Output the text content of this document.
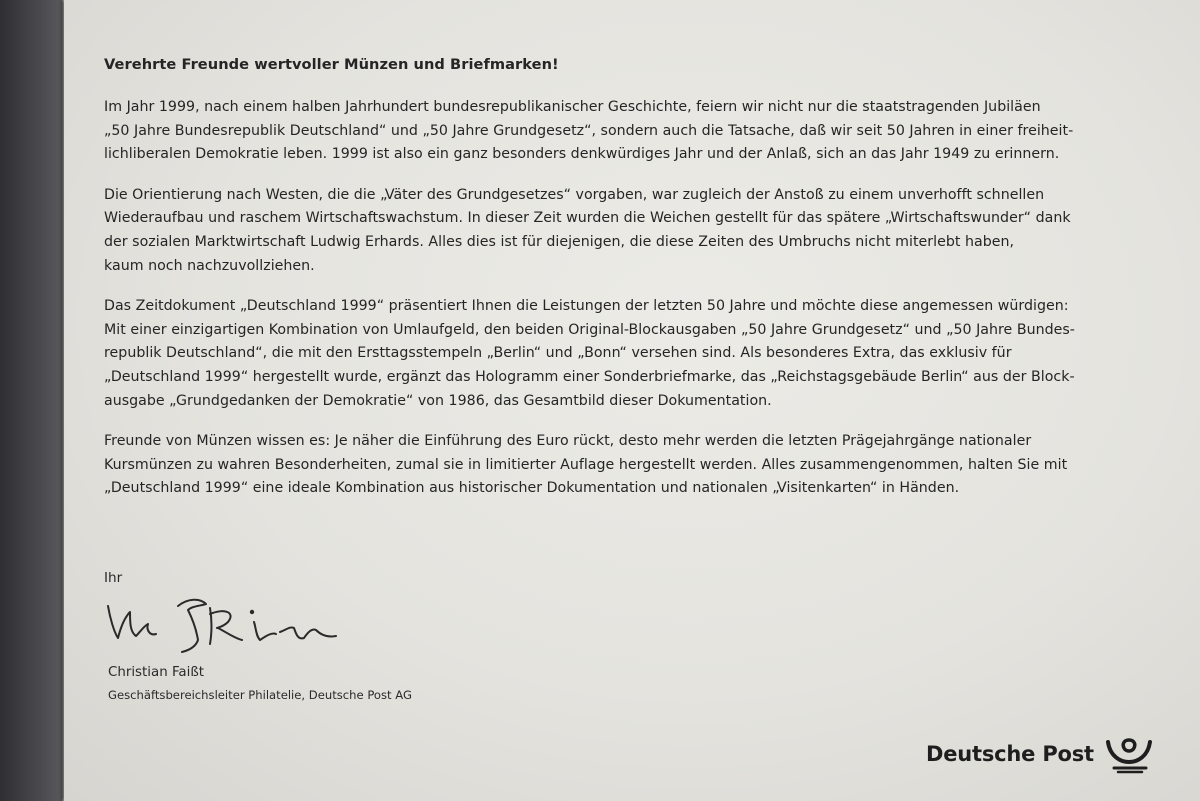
Verehrte Freunde wertvoller Münzen und Briefmarken!

Im Jahr 1999, nach einem halben Jahrhundert bundesrepublikanischer Geschichte, feiern wir nicht nur die staatstragenden Jubiläen

„50 Jahre Bundesrepublik Deutschland“ und „50 Jahre Grundgesetz“, sondern auch die Tatsache, daß wir seit 50 Jahren in einer freiheit-

lichliberalen Demokratie leben. 1999 ist also ein ganz besonders denkwürdiges Jahr und der Anlaß, sich an das Jahr 1949 zu erinnern.

Die Orientierung nach Westen, die die „Väter des Grundgesetzes“ vorgaben, war zugleich der Anstoß zu einem unverhofft schnellen

Wiederaufbau und raschem Wirtschaftswachstum. In dieser Zeit wurden die Weichen gestellt für das spätere „Wirtschaftswunder“ dank

der sozialen Marktwirtschaft Ludwig Erhards. Alles dies ist für diejenigen, die diese Zeiten des Umbruchs nicht miterlebt haben,

kaum noch nachzuvollziehen.

Das Zeitdokument „Deutschland 1999“ präsentiert Ihnen die Leistungen der letzten 50 Jahre und möchte diese angemessen würdigen:

Mit einer einzigartigen Kombination von Umlaufgeld, den beiden Original-Blockausgaben „50 Jahre Grundgesetz“ und „50 Jahre Bundes-

republik Deutschland“, die mit den Ersttagsstempeln „Berlin“ und „Bonn“ versehen sind. Als besonderes Extra, das exklusiv für

„Deutschland 1999“ hergestellt wurde, ergänzt das Hologramm einer Sonderbriefmarke, das „Reichstagsgebäude Berlin“ aus der Block-

ausgabe „Grundgedanken der Demokratie“ von 1986, das Gesamtbild dieser Dokumentation.

Freunde von Münzen wissen es: Je näher die Einführung des Euro rückt, desto mehr werden die letzten Prägejahrgänge nationaler

Kursmünzen zu wahren Besonderheiten, zumal sie in limitierter Auflage hergestellt werden. Alles zusammengenommen, halten Sie mit

„Deutschland 1999“ eine ideale Kombination aus historischer Dokumentation und nationalen „Visitenkarten“ in Händen.

Ihr
Christian Faißt
Geschäftsbereichsleiter Philatelie, Deutsche Post AG
Deutsche Post
